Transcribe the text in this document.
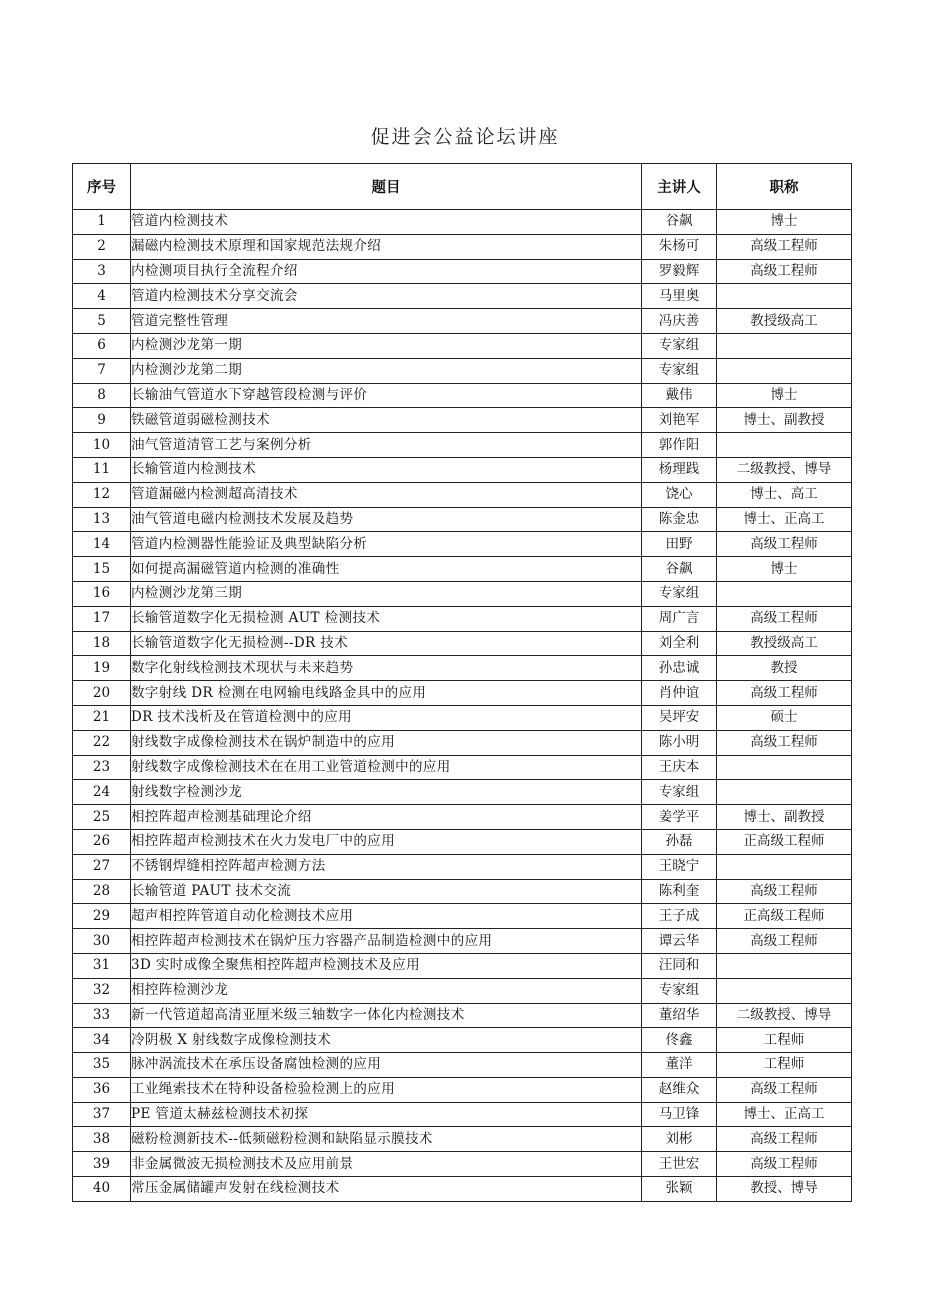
促进会公益论坛讲座
序号	题目	主讲人	职称
1	管道内检测技术	谷飙	博士
2	漏磁内检测技术原理和国家规范法规介绍	朱杨可	高级工程师
3	内检测项目执行全流程介绍	罗毅辉	高级工程师
4	管道内检测技术分享交流会	马里奥	
5	管道完整性管理	冯庆善	教授级高工
6	内检测沙龙第一期	专家组	
7	内检测沙龙第二期	专家组	
8	长输油气管道水下穿越管段检测与评价	戴伟	博士
9	铁磁管道弱磁检测技术	刘艳军	博士、副教授
10	油气管道清管工艺与案例分析	郭作阳	
11	长输管道内检测技术	杨理践	二级教授、博导
12	管道漏磁内检测超高清技术	饶心	博士、高工
13	油气管道电磁内检测技术发展及趋势	陈金忠	博士、正高工
14	管道内检测器性能验证及典型缺陷分析	田野	高级工程师
15	如何提高漏磁管道内检测的准确性	谷飙	博士
16	内检测沙龙第三期	专家组	
17	长输管道数字化无损检测 AUT 检测技术	周广言	高级工程师
18	长输管道数字化无损检测--DR 技术	刘全利	教授级高工
19	数字化射线检测技术现状与未来趋势	孙忠诚	教授
20	数字射线 DR 检测在电网输电线路金具中的应用	肖仲谊	高级工程师
21	DR 技术浅析及在管道检测中的应用	吴坪安	硕士
22	射线数字成像检测技术在锅炉制造中的应用	陈小明	高级工程师
23	射线数字成像检测技术在在用工业管道检测中的应用	王庆本	
24	射线数字检测沙龙	专家组	
25	相控阵超声检测基础理论介绍	姜学平	博士、副教授
26	相控阵超声检测技术在火力发电厂中的应用	孙磊	正高级工程师
27	不锈钢焊缝相控阵超声检测方法	王晓宁	
28	长输管道 PAUT 技术交流	陈利奎	高级工程师
29	超声相控阵管道自动化检测技术应用	王子成	正高级工程师
30	相控阵超声检测技术在锅炉压力容器产品制造检测中的应用	谭云华	高级工程师
31	3D 实时成像全聚焦相控阵超声检测技术及应用	汪同和	
32	相控阵检测沙龙	专家组	
33	新一代管道超高清亚厘米级三轴数字一体化内检测技术	董绍华	二级教授、博导
34	冷阴极 X 射线数字成像检测技术	佟鑫	工程师
35	脉冲涡流技术在承压设备腐蚀检测的应用	董洋	工程师
36	工业绳索技术在特种设备检验检测上的应用	赵维众	高级工程师
37	PE 管道太赫兹检测技术初探	马卫锋	博士、正高工
38	磁粉检测新技术--低频磁粉检测和缺陷显示膜技术	刘彬	高级工程师
39	非金属微波无损检测技术及应用前景	王世宏	高级工程师
40	常压金属储罐声发射在线检测技术	张颖	教授、博导
